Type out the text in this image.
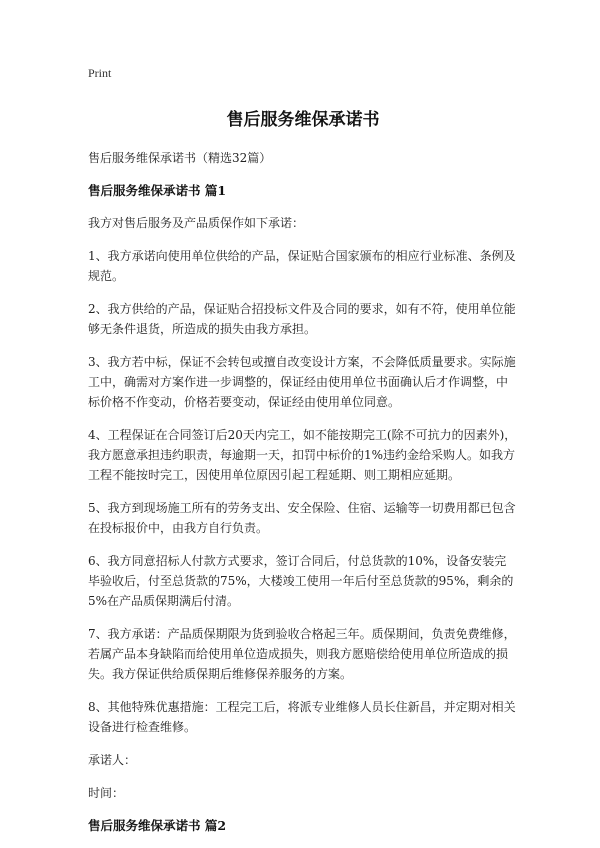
Print
售后服务维保承诺书

售后服务维保承诺书（精选32篇）

售后服务维保承诺书 篇1

我方对售后服务及产品质保作如下承诺：

1、我方承诺向使用单位供给的产品，保证贴合国家颁布的相应行业标准、条例及规范。

2、我方供给的产品，保证贴合招投标文件及合同的要求，如有不符，使用单位能够无条件退货，所造成的损失由我方承担。

3、我方若中标，保证不会转包或擅自改变设计方案，不会降低质量要求。实际施工中，确需对方案作进一步调整的，保证经由使用单位书面确认后才作调整，中标价格不作变动，价格若要变动，保证经由使用单位同意。

4、工程保证在合同签订后20天内完工，如不能按期完工(除不可抗力的因素外)，我方愿意承担违约职责，每逾期一天，扣罚中标价的1%违约金给采购人。如我方工程不能按时完工，因使用单位原因引起工程延期、则工期相应延期。

5、我方到现场施工所有的劳务支出、安全保险、住宿、运输等一切费用都已包含在投标报价中，由我方自行负责。

6、我方同意招标人付款方式要求，签订合同后，付总货款的10%，设备安装完毕验收后，付至总货款的75%，大楼竣工使用一年后付至总货款的95%，剩余的5%在产品质保期满后付清。

7、我方承诺：产品质保期限为货到验收合格起三年。质保期间，负责免费维修，若属产品本身缺陷而给使用单位造成损失，则我方愿赔偿给使用单位所造成的损失。我方保证供给质保期后维修保养服务的方案。

8、其他特殊优惠措施：工程完工后，将派专业维修人员长住新昌，并定期对相关设备进行检查维修。

承诺人：

时间：

售后服务维保承诺书 篇2
